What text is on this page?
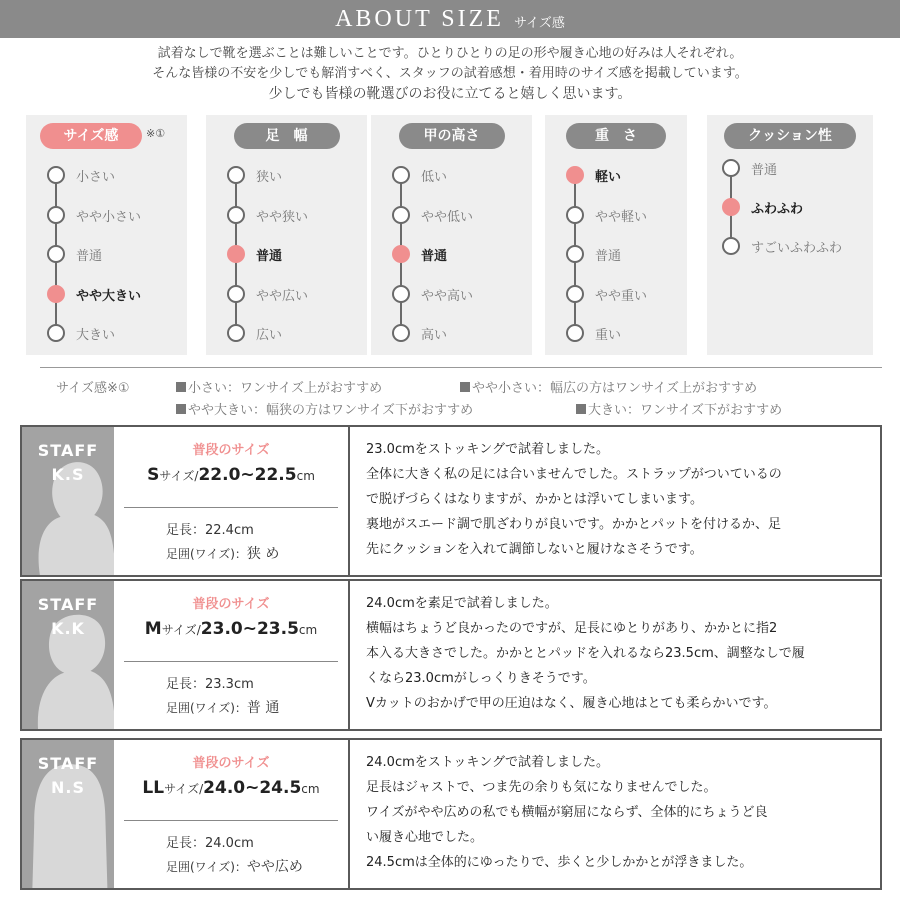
ABOUT SIZE サイズ感
試着なしで靴を選ぶことは難しいことです。ひとりひとりの足の形や履き心地の好みは人それぞれ。
そんな皆様の不安を少しでも解消すべく、スタッフの試着感想・着用時のサイズ感を掲載しています。
少しでも皆様の靴選びのお役に立てると嬉しく思います。
サイズ感	※①
小さい
やや小さい
普通
やや大きい
大きい
足　幅
狭い
やや狭い
普通
やや広い
広い
甲の高さ
低い
やや低い
普通
やや高い
高い
重　さ
軽い
やや軽い
普通
やや重い
重い
クッション性
普通
ふわふわ
すごいふわふわ
サイズ感※①	小さい：ワンサイズ上がおすすめ	やや小さい：幅広の方はワンサイズ上がおすすめ
やや大きい：幅狭の方はワンサイズ下がおすすめ	大きい：ワンサイズ下がおすすめ
STAFF
K.S
普段のサイズ
Sサイズ/22.0~22.5cm
足長：22.4cm
足囲(ワイズ)：狭 め
23.0cmをストッキングで試着しました。
全体に大きく私の足には合いませんでした。ストラップがついているの
で脱げづらくはなりますが、かかとは浮いてしまいます。
裏地がスエード調で肌ざわりが良いです。かかとパットを付けるか、足
先にクッションを入れて調節しないと履けなさそうです。
STAFF
K.K
普段のサイズ
Mサイズ/23.0~23.5cm
足長：23.3cm
足囲(ワイズ)：普 通
24.0cmを素足で試着しました。
横幅はちょうど良かったのですが、足長にゆとりがあり、かかとに指2
本入る大きさでした。かかととパッドを入れるなら23.5cm、調整なしで履
くなら23.0cmがしっくりきそうです。
Vカットのおかげで甲の圧迫はなく、履き心地はとても柔らかいです。
STAFF
N.S
普段のサイズ
LLサイズ/24.0~24.5cm
足長：24.0cm
足囲(ワイズ)：やや広め
24.0cmをストッキングで試着しました。
足長はジャストで、つま先の余りも気になりませんでした。
ワイズがやや広めの私でも横幅が窮屈にならず、全体的にちょうど良
い履き心地でした。
24.5cmは全体的にゆったりで、歩くと少しかかとが浮きました。
